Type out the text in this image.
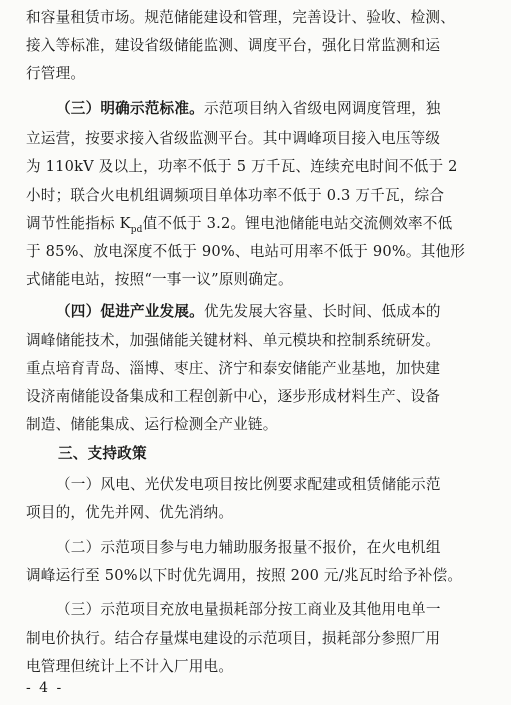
和容量租赁市场。规范储能建设和管理，完善设计、验收、检测、
接入等标准，建设省级储能监测、调度平台，强化日常监测和运
行管理。
（三）明确示范标准。示范项目纳入省级电网调度管理，独
立运营，按要求接入省级监测平台。其中调峰项目接入电压等级
为 110kV 及以上，功率不低于 5 万千瓦、连续充电时间不低于 2
小时；联合火电机组调频项目单体功率不低于 0.3 万千瓦，综合
调节性能指标 $K_{pd}$值不低于 3.2。锂电池储能电站交流侧效率不低
于 85%、放电深度不低于 90%、电站可用率不低于 90%。其他形
式储能电站，按照“一事一议”原则确定。
（四）促进产业发展。优先发展大容量、长时间、低成本的
调峰储能技术，加强储能关键材料、单元模块和控制系统研发。
重点培育青岛、淄博、枣庄、济宁和泰安储能产业基地，加快建
设济南储能设备集成和工程创新中心，逐步形成材料生产、设备
制造、储能集成、运行检测全产业链。
三、支持政策
（一）风电、光伏发电项目按比例要求配建或租赁储能示范
项目的，优先并网、优先消纳。
（二）示范项目参与电力辅助服务报量不报价，在火电机组
调峰运行至 50%以下时优先调用，按照 200 元/兆瓦时给予补偿。
（三）示范项目充放电量损耗部分按工商业及其他用电单一
制电价执行。结合存量煤电建设的示范项目，损耗部分参照厂用
电管理但统计上不计入厂用电。
- 4 -
